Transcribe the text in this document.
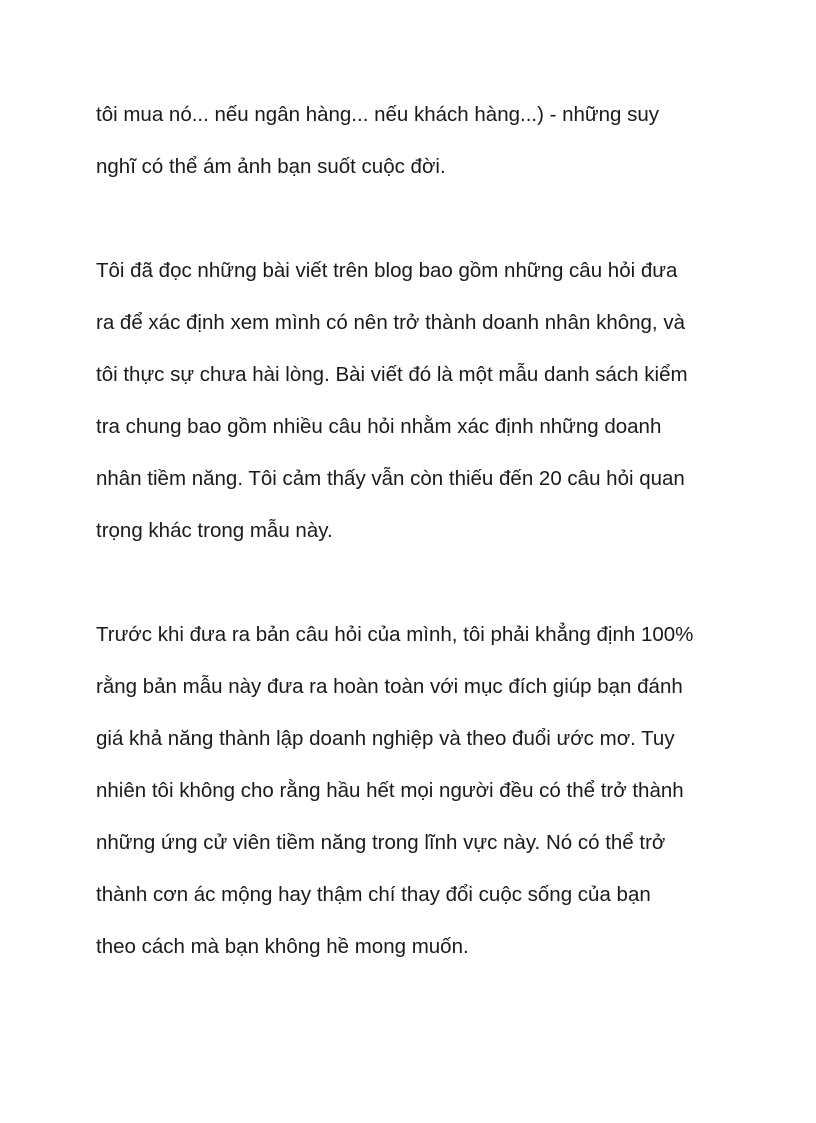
tôi mua nó... nếu ngân hàng... nếu khách hàng...) - những suy
nghĩ có thể ám ảnh bạn suốt cuộc đời.
Tôi đã đọc những bài viết trên blog bao gồm những câu hỏi đưa
ra để xác định xem mình có nên trở thành doanh nhân không, và
tôi thực sự chưa hài lòng. Bài viết đó là một mẫu danh sách kiểm
tra chung bao gồm nhiều câu hỏi nhằm xác định những doanh
nhân tiềm năng. Tôi cảm thấy vẫn còn thiếu đến 20 câu hỏi quan
trọng khác trong mẫu này.
Trước khi đưa ra bản câu hỏi của mình, tôi phải khẳng định 100%
rằng bản mẫu này đưa ra hoàn toàn với mục đích giúp bạn đánh
giá khả năng thành lập doanh nghiệp và theo đuổi ước mơ. Tuy
nhiên tôi không cho rằng hầu hết mọi người đều có thể trở thành
những ứng cử viên tiềm năng trong lĩnh vực này. Nó có thể trở
thành cơn ác mộng hay thậm chí thay đổi cuộc sống của bạn
theo cách mà bạn không hề mong muốn.
